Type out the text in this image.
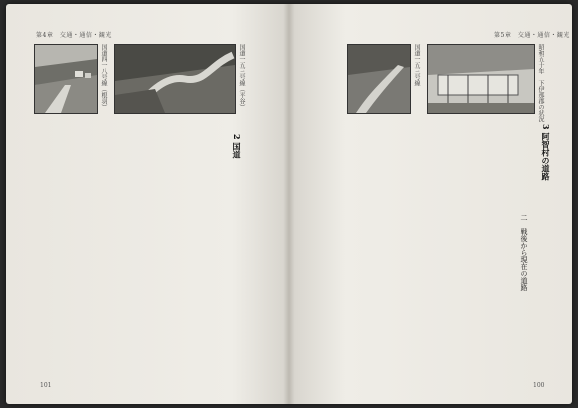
第4章　交通・通信・観光
国道四一八号線（根羽）	国道一五三号線（平谷）
2 国道
101
第5章　交通・通信・観光
国道一五三号線	昭和五十年　下伊那郡の状況
3 阿智村の道路
二　戦後から現在の道路
100
